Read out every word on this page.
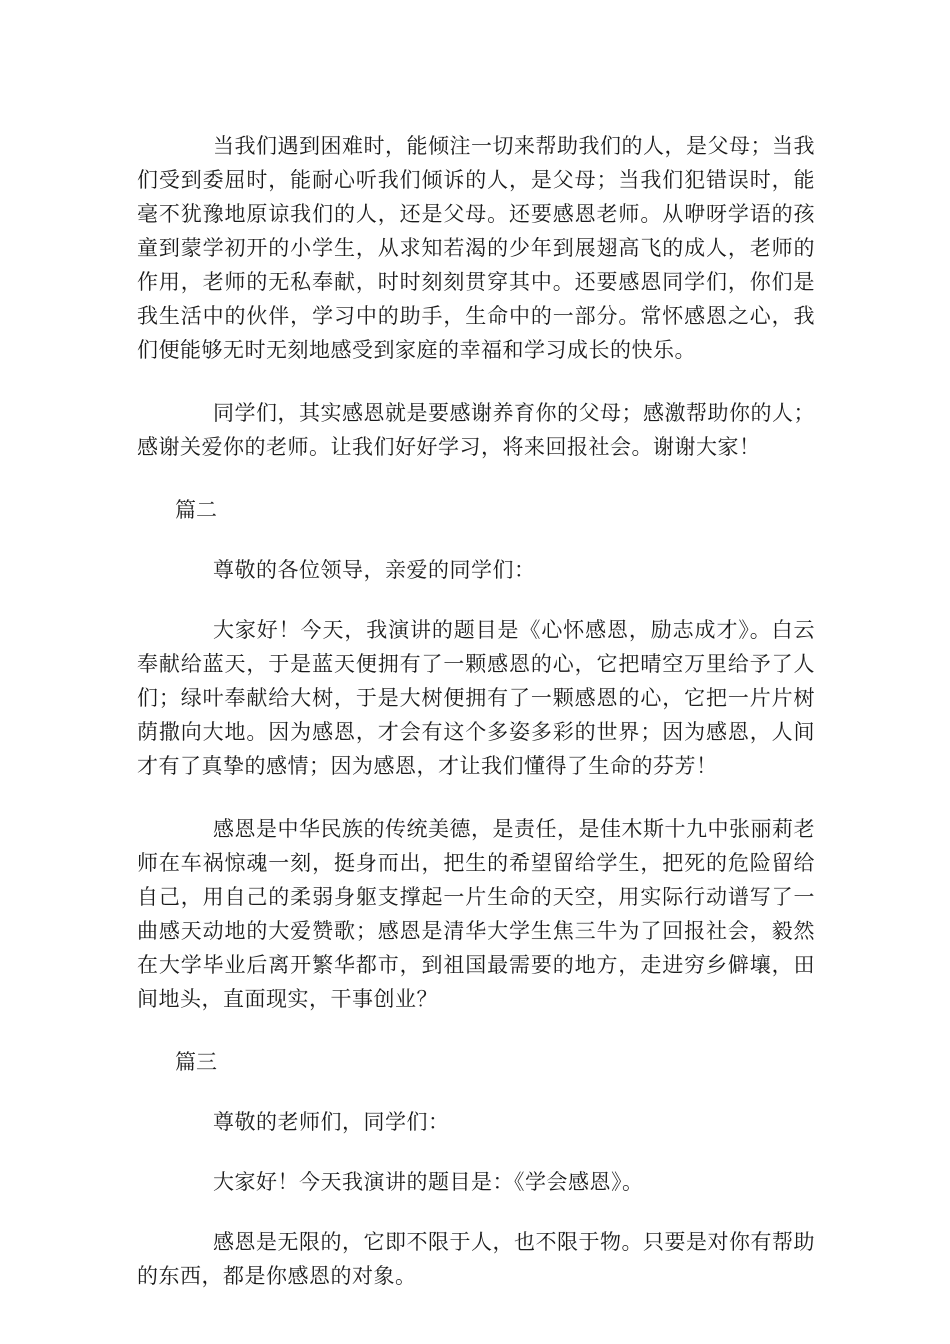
当我们遇到困难时，能倾注一切来帮助我们的人，是父母；当我们受到委屈时，能耐心听我们倾诉的人，是父母；当我们犯错误时，能毫不犹豫地原谅我们的人，还是父母。还要感恩老师。从咿呀学语的孩童到蒙学初开的小学生，从求知若渴的少年到展翅高飞的成人，老师的作用，老师的无私奉献，时时刻刻贯穿其中。还要感恩同学们，你们是我生活中的伙伴，学习中的助手，生命中的一部分。常怀感恩之心，我们便能够无时无刻地感受到家庭的幸福和学习成长的快乐。

同学们，其实感恩就是要感谢养育你的父母；感激帮助你的人；感谢关爱你的老师。让我们好好学习，将来回报社会。谢谢大家！

篇二

尊敬的各位领导，亲爱的同学们：

大家好！今天，我演讲的题目是《心怀感恩，励志成才》。白云奉献给蓝天，于是蓝天便拥有了一颗感恩的心，它把晴空万里给予了人们；绿叶奉献给大树，于是大树便拥有了一颗感恩的心，它把一片片树荫撒向大地。因为感恩，才会有这个多姿多彩的世界；因为感恩，人间才有了真挚的感情；因为感恩，才让我们懂得了生命的芬芳！

感恩是中华民族的传统美德，是责任，是佳木斯十九中张丽莉老师在车祸惊魂一刻，挺身而出，把生的希望留给学生，把死的危险留给自己，用自己的柔弱身躯支撑起一片生命的天空，用实际行动谱写了一曲感天动地的大爱赞歌；感恩是清华大学生焦三牛为了回报社会，毅然在大学毕业后离开繁华都市，到祖国最需要的地方，走进穷乡僻壤，田间地头，直面现实，干事创业？

篇三

尊敬的老师们，同学们：

大家好！今天我演讲的题目是：《学会感恩》。

感恩是无限的，它即不限于人，也不限于物。只要是对你有帮助的东西，都是你感恩的对象。
